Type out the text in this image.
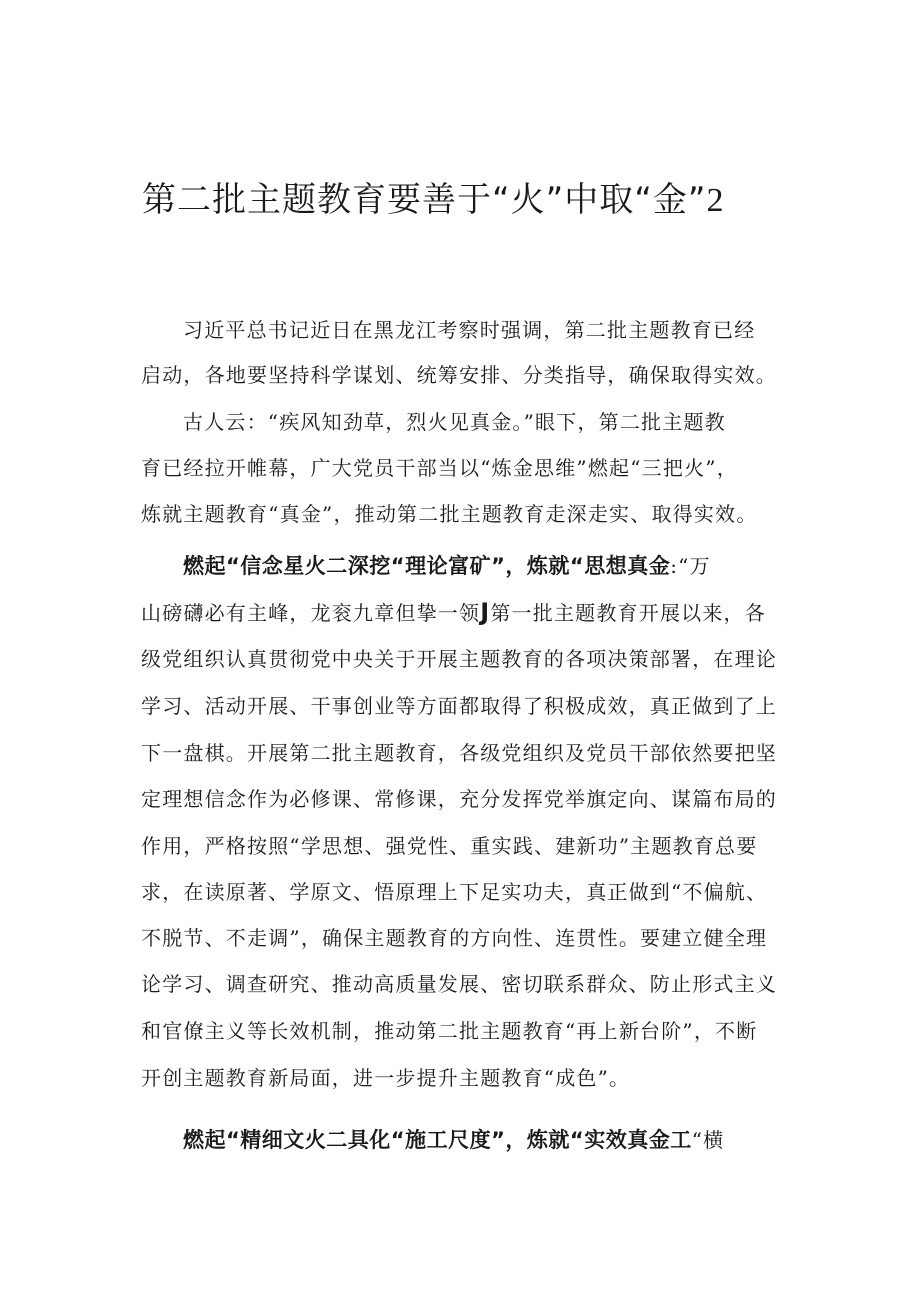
第二批主题教育要善于“火”中取“金”2
习近平总书记近日在黑龙江考察时强调，第二批主题教育已经
启动，各地要坚持科学谋划、统筹安排、分类指导，确保取得实效。
古人云：“疾风知劲草，烈火见真金。”眼下，第二批主题教
育已经拉开帷幕，广大党员干部当以“炼金思维”燃起“三把火”，
炼就主题教育“真金”，推动第二批主题教育走深走实、取得实效。
燃起“信念星火二深挖“理论富矿”，炼就“思想真金:“万
山磅礴必有主峰，龙衮九章但挚一领J第一批主题教育开展以来，各
级党组织认真贯彻党中央关于开展主题教育的各项决策部署，在理论
学习、活动开展、干事创业等方面都取得了积极成效，真正做到了上
下一盘棋。开展第二批主题教育，各级党组织及党员干部依然要把坚
定理想信念作为必修课、常修课，充分发挥党举旗定向、谋篇布局的
作用，严格按照“学思想、强党性、重实践、建新功”主题教育总要
求，在读原著、学原文、悟原理上下足实功夫，真正做到“不偏航、
不脱节、不走调”，确保主题教育的方向性、连贯性。要建立健全理
论学习、调查研究、推动高质量发展、密切联系群众、防止形式主义
和官僚主义等长效机制，推动第二批主题教育“再上新台阶”，不断
开创主题教育新局面，进一步提升主题教育“成色”。
燃起“精细文火二具化“施工尺度”，炼就“实效真金工“横
